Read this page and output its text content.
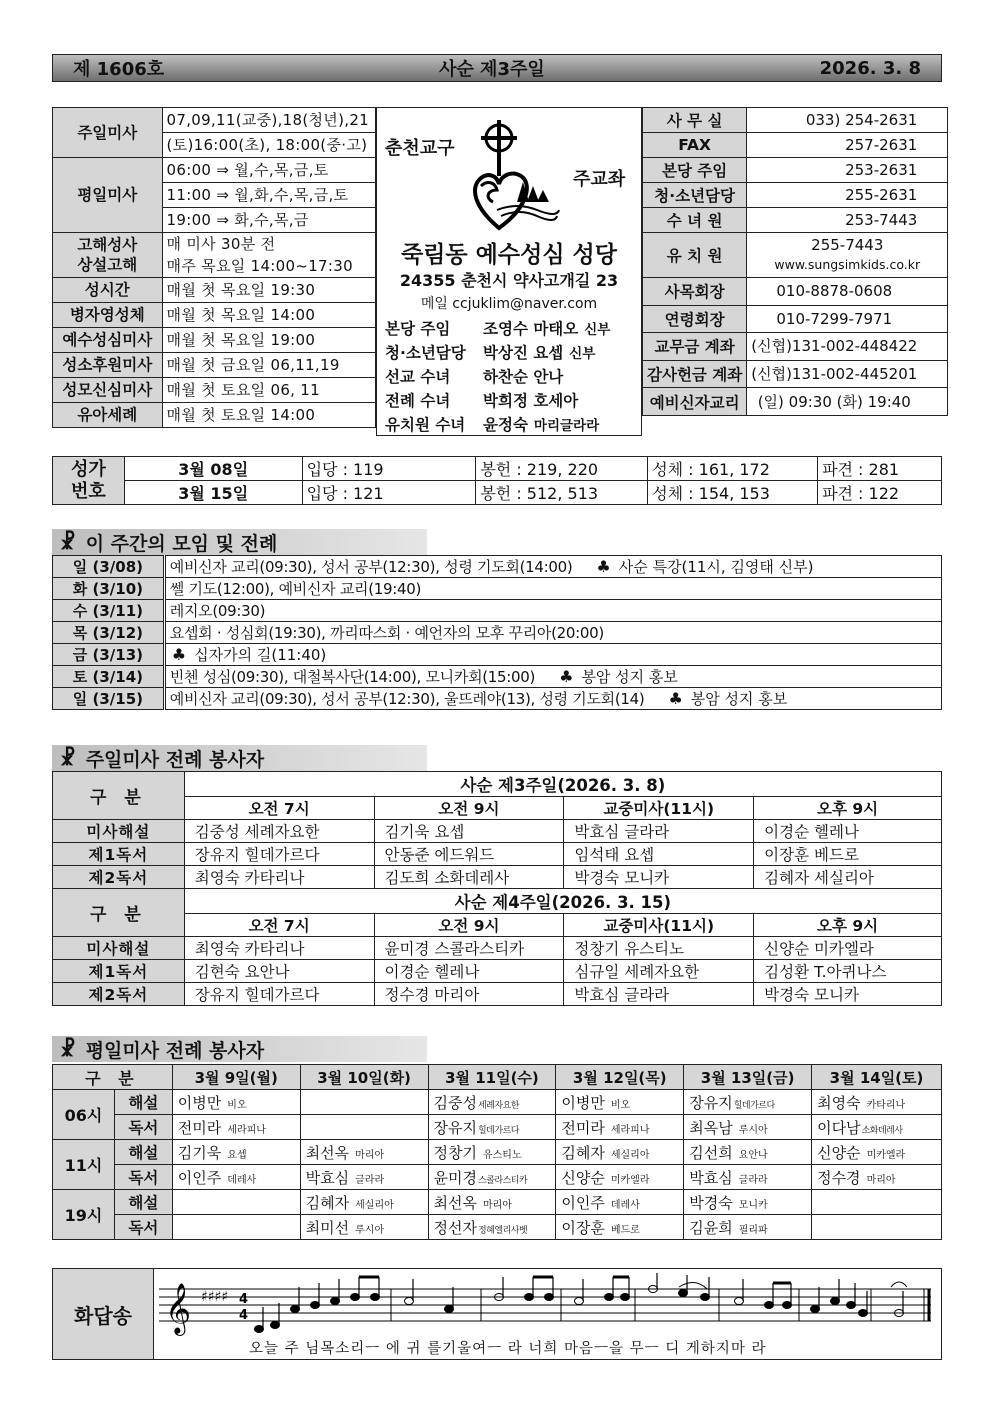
제 1606호	사순 제3주일	2026. 3. 8
주일미사	07,09,11(교중),18(청년),21
	(토)16:00(초), 18:00(중·고)
평일미사	06:00 ⇒ 월,수,목,금,토
	11:00 ⇒ 월,화,수,목,금,토
	19:00 ⇒ 화,수,목,금
고해성사
상설고해	매 미사 30분 전
매주 목요일 14:00~17:30
성시간	매월 첫 목요일 19:30
병자영성체	매월 첫 목요일 14:00
예수성심미사	매월 첫 목요일 19:00
성소후원미사	매월 첫 금요일 06,11,19
성모신심미사	매월 첫 토요일 06, 11
유아세례	매월 첫 토요일 14:00
춘천교구
주교좌
죽림동 예수성심 성당
24355 춘천시 약사고개길 23
메일 ccjuklim@naver.com
본당 주임	조영수 마태오 신부
청·소년담당	박상진 요셉 신부
선교 수녀	하찬순 안나
전례 수녀	박희정 호세아
유치원 수녀	윤정숙 마리글라라
사 무 실	033) 254-2631

FAX	257-2631

본당 주임	253-2631

청·소년담당	255-2631

수 녀 원	253-7443

유 치 원	255-7443
www.sungsimkids.co.kr

사목회장	010-8878-0608

연령회장	010-7299-7971

교무금 계좌	(신협)131-002-448422

감사헌금 계좌	(신협)131-002-445201

예비신자교리	(일) 09:30 (화) 19:40
성가
번호	3월 08일	입당 : 119	봉헌 : 219, 220	성체 : 161, 172	파견 : 281
	3월 15일	입당 : 121	봉헌 : 512, 513	성체 : 154, 153	파견 : 122
☧ 이 주간의 모임 및 전례
일 (3/08)	예비신자 교리(09:30), 성서 공부(12:30), 성령 기도회(14:00) ♣ 사순 특강(11시, 김영태 신부)
화 (3/10)	쎌 기도(12:00), 예비신자 교리(19:40)
수 (3/11)	레지오(09:30)
목 (3/12)	요셉회 · 성심회(19:30), 까리따스회 · 예언자의 모후 꾸리아(20:00)
금 (3/13)	♣ 십자가의 길(11:40)
토 (3/14)	빈첸 성심(09:30), 대철복사단(14:00), 모니카회(15:00) ♣ 봉암 성지 홍보
일 (3/15)	예비신자 교리(09:30), 성서 공부(12:30), 울뜨레야(13), 성령 기도회(14) ♣ 봉암 성지 홍보
☧ 주일미사 전례 봉사자
구 분	사순 제3주일(2026. 3. 8)			
	오전 7시	오전 9시	교중미사(11시)	오후 9시
미사해설	김중성 세례자요한	김기욱 요셉	박효심 글라라	이경순 헬레나
제1독서	장유지 힐데가르다	안동준 에드워드	임석태 요셉	이장훈 베드로
제2독서	최영숙 카타리나	김도희 소화데레사	박경숙 모니카	김혜자 세실리아
구 분	사순 제4주일(2026. 3. 15)			
	오전 7시	오전 9시	교중미사(11시)	오후 9시
미사해설	최영숙 카타리나	윤미경 스콜라스티카	정창기 유스티노	신양순 미카엘라
제1독서	김현숙 요안나	이경순 헬레나	심규일 세례자요한	김성환 T.아퀴나스
제2독서	장유지 힐데가르다	정수경 마리아	박효심 글라라	박경숙 모니카
☧ 평일미사 전례 봉사자
구 분		3월 9일(월)	3월 10일(화)	3월 11일(수)	3월 12일(목)	3월 13일(금)	3월 14일(토)
06시	해설	이병만 비오		김중성세례자요한	이병만 비오	장유지힐데가르다	최영숙 카타리나
	독서	전미라 세라피나		장유지힐데가르다	전미라 세라피나	최옥남 루시아	이다남소화데레사
11시	해설	김기욱 요셉	최선옥 마리아	정창기 유스티노	김혜자 세실리아	김선희 요안나	신양순 미카엘라
	독서	이인주 데레사	박효심 글라라	윤미경스콜라스티카	신양순 미카엘라	박효심 글라라	정수경 마리아
19시	해설		김혜자 세실리아	최선옥 마리아	이인주 데레사	박경숙 모니카	
	독서		최미선 루시아	정선자정혜엘리사벳	이장훈 베드로	김윤희 필리파	
화답송 𝄞 ♯♯♯♯ 4
4
오늘 주 님목소리ㅡ 에 귀 를기울여ㅡ 라 너희 마음ㅡ을 무ㅡ 디 게하지마 라
